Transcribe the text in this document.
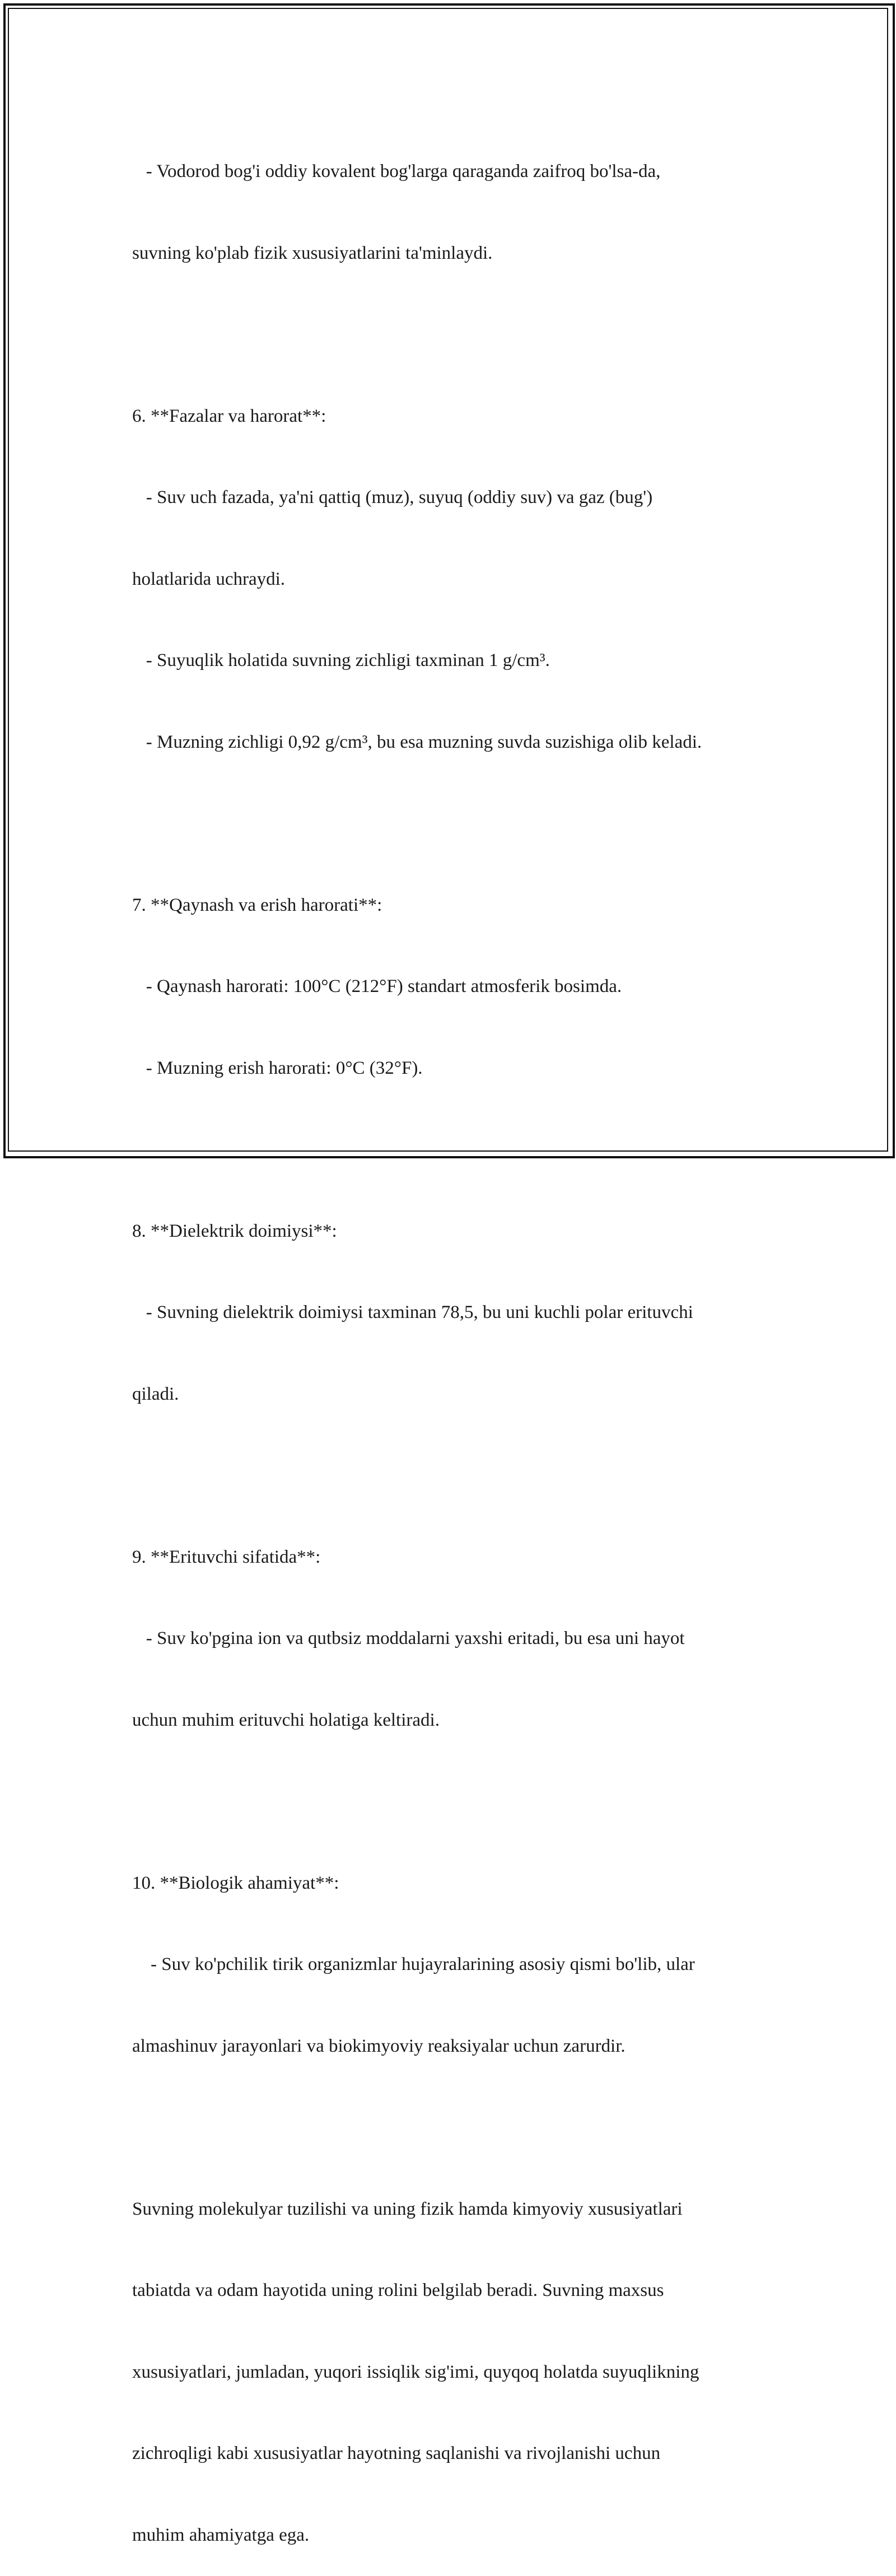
- Vodorod bog'i oddiy kovalent bog'larga qaraganda zaifroq bo'lsa-da,

suvning ko'plab fizik xususiyatlarini ta'minlaydi.

6. **Fazalar va harorat**:

- Suv uch fazada, ya'ni qattiq (muz), suyuq (oddiy suv) va gaz (bug')

holatlarida uchraydi.

- Suyuqlik holatida suvning zichligi taxminan 1 g/cm³.

- Muzning zichligi 0,92 g/cm³, bu esa muzning suvda suzishiga olib keladi.

7. **Qaynash va erish harorati**:

- Qaynash harorati: 100°C (212°F) standart atmosferik bosimda.

- Muzning erish harorati: 0°C (32°F).

8. **Dielektrik doimiysi**:

- Suvning dielektrik doimiysi taxminan 78,5, bu uni kuchli polar erituvchi

qiladi.

9. **Erituvchi sifatida**:

- Suv ko'pgina ion va qutbsiz moddalarni yaxshi eritadi, bu esa uni hayot

uchun muhim erituvchi holatiga keltiradi.

10. **Biologik ahamiyat**:

- Suv ko'pchilik tirik organizmlar hujayralarining asosiy qismi bo'lib, ular

almashinuv jarayonlari va biokimyoviy reaksiyalar uchun zarurdir.

Suvning molekulyar tuzilishi va uning fizik hamda kimyoviy xususiyatlari

tabiatda va odam hayotida uning rolini belgilab beradi. Suvning maxsus

xususiyatlari, jumladan, yuqori issiqlik sig'imi, quyqoq holatda suyuqlikning

zichroqligi kabi xususiyatlar hayotning saqlanishi va rivojlanishi uchun

muhim ahamiyatga ega.
